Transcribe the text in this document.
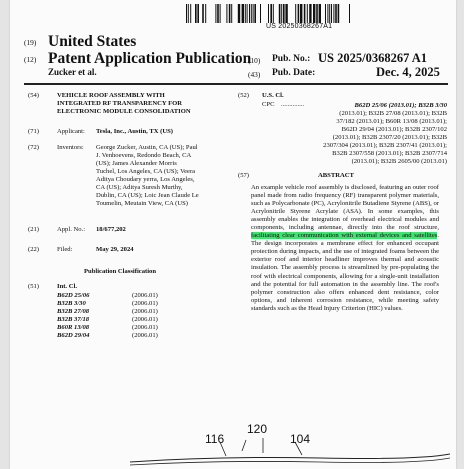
US 20250368267A1
(19) United States
(12) Patent Application Publication
Zucker et al.
(10) Pub. No.: US 2025/0368267 A1
(43) Pub. Date:	Dec. 4, 2025
(54)	VEHICLE ROOF ASSEMBLY WITH
INTEGRATED RF TRANSPARENCY FOR
ELECTRONIC MODULE CONSOLIDATION
(71)	Applicant: Tesla, Inc., Austin, TX (US)
(72)	Inventors: George Zucker, Austin, CA (US); Paul
J. Venhoevens, Redondo Beach, CA
(US); James Alexander Morris
Tuchel, Los Angeles, CA (US); Veera
Aditya Choudary yerra, Los Angeles,
CA (US); Aditya Suresh Murthy,
Dublin, CA (US); Loic Jean Claude Le
Toumelin, Meutain View, CA (US)
(21)	Appl. No.: 18/677,202
(22)	Filed:	May 29, 2024
Publication Classification
(51)	Int. Cl.
B62D 25/06	(2006.01)
B32B 3/30	(2006.01)
B32B 27/08	(2006.01)
B32B 37/18	(2006.01)
B60R 13/08	(2006.01)
B62D 29/04	(2006.01)
(52) U.S. Cl.
CPC ..............	B62D 25/06 (2013.01); B32B 3/30
(2013.01); B32B 27/08 (2013.01); B32B
37/182 (2013.01); B60R 13/08 (2013.01);
B62D 29/04 (2013.01); B32B 2307/102
(2013.01); B32B 2307/20 (2013.01); B32B
2307/304 (2013.01); B32B 2307/41 (2013.01);
B32B 2307/558 (2013.01); B32B 2307/714
(2013.01); B32B 2605/00 (2013.01)
(57)	ABSTRACT
An example vehicle roof assembly is disclosed, featuring an outer roof panel made from radio frequency (RF) transparent polymer materials, such as Polycarbonate (PC), Acrylonitrile Butadiene Styrene (ABS), or Acrylonitrile Styrene Acrylate (ASA). In some examples, this assembly enables the integration of overhead electrical modules and components, including antennae, directly into the roof structure, facilitating clear communication with external devices and satellites. The design incorporates a membrane effect for enhanced occupant protection during impacts, and the use of integrated foams between the exterior roof and interior headliner improves thermal and acoustic insulation. The assembly process is streamlined by pre-populating the roof with electrical components, allowing for a single-unit installation and the potential for full automation in the assembly line. The roof's polymer construction also offers enhanced dent resistance, color options, and inherent corrosion resistance, while meeting safety standards such as the Head Injury Criterion (HIC) values.
116
120
104
